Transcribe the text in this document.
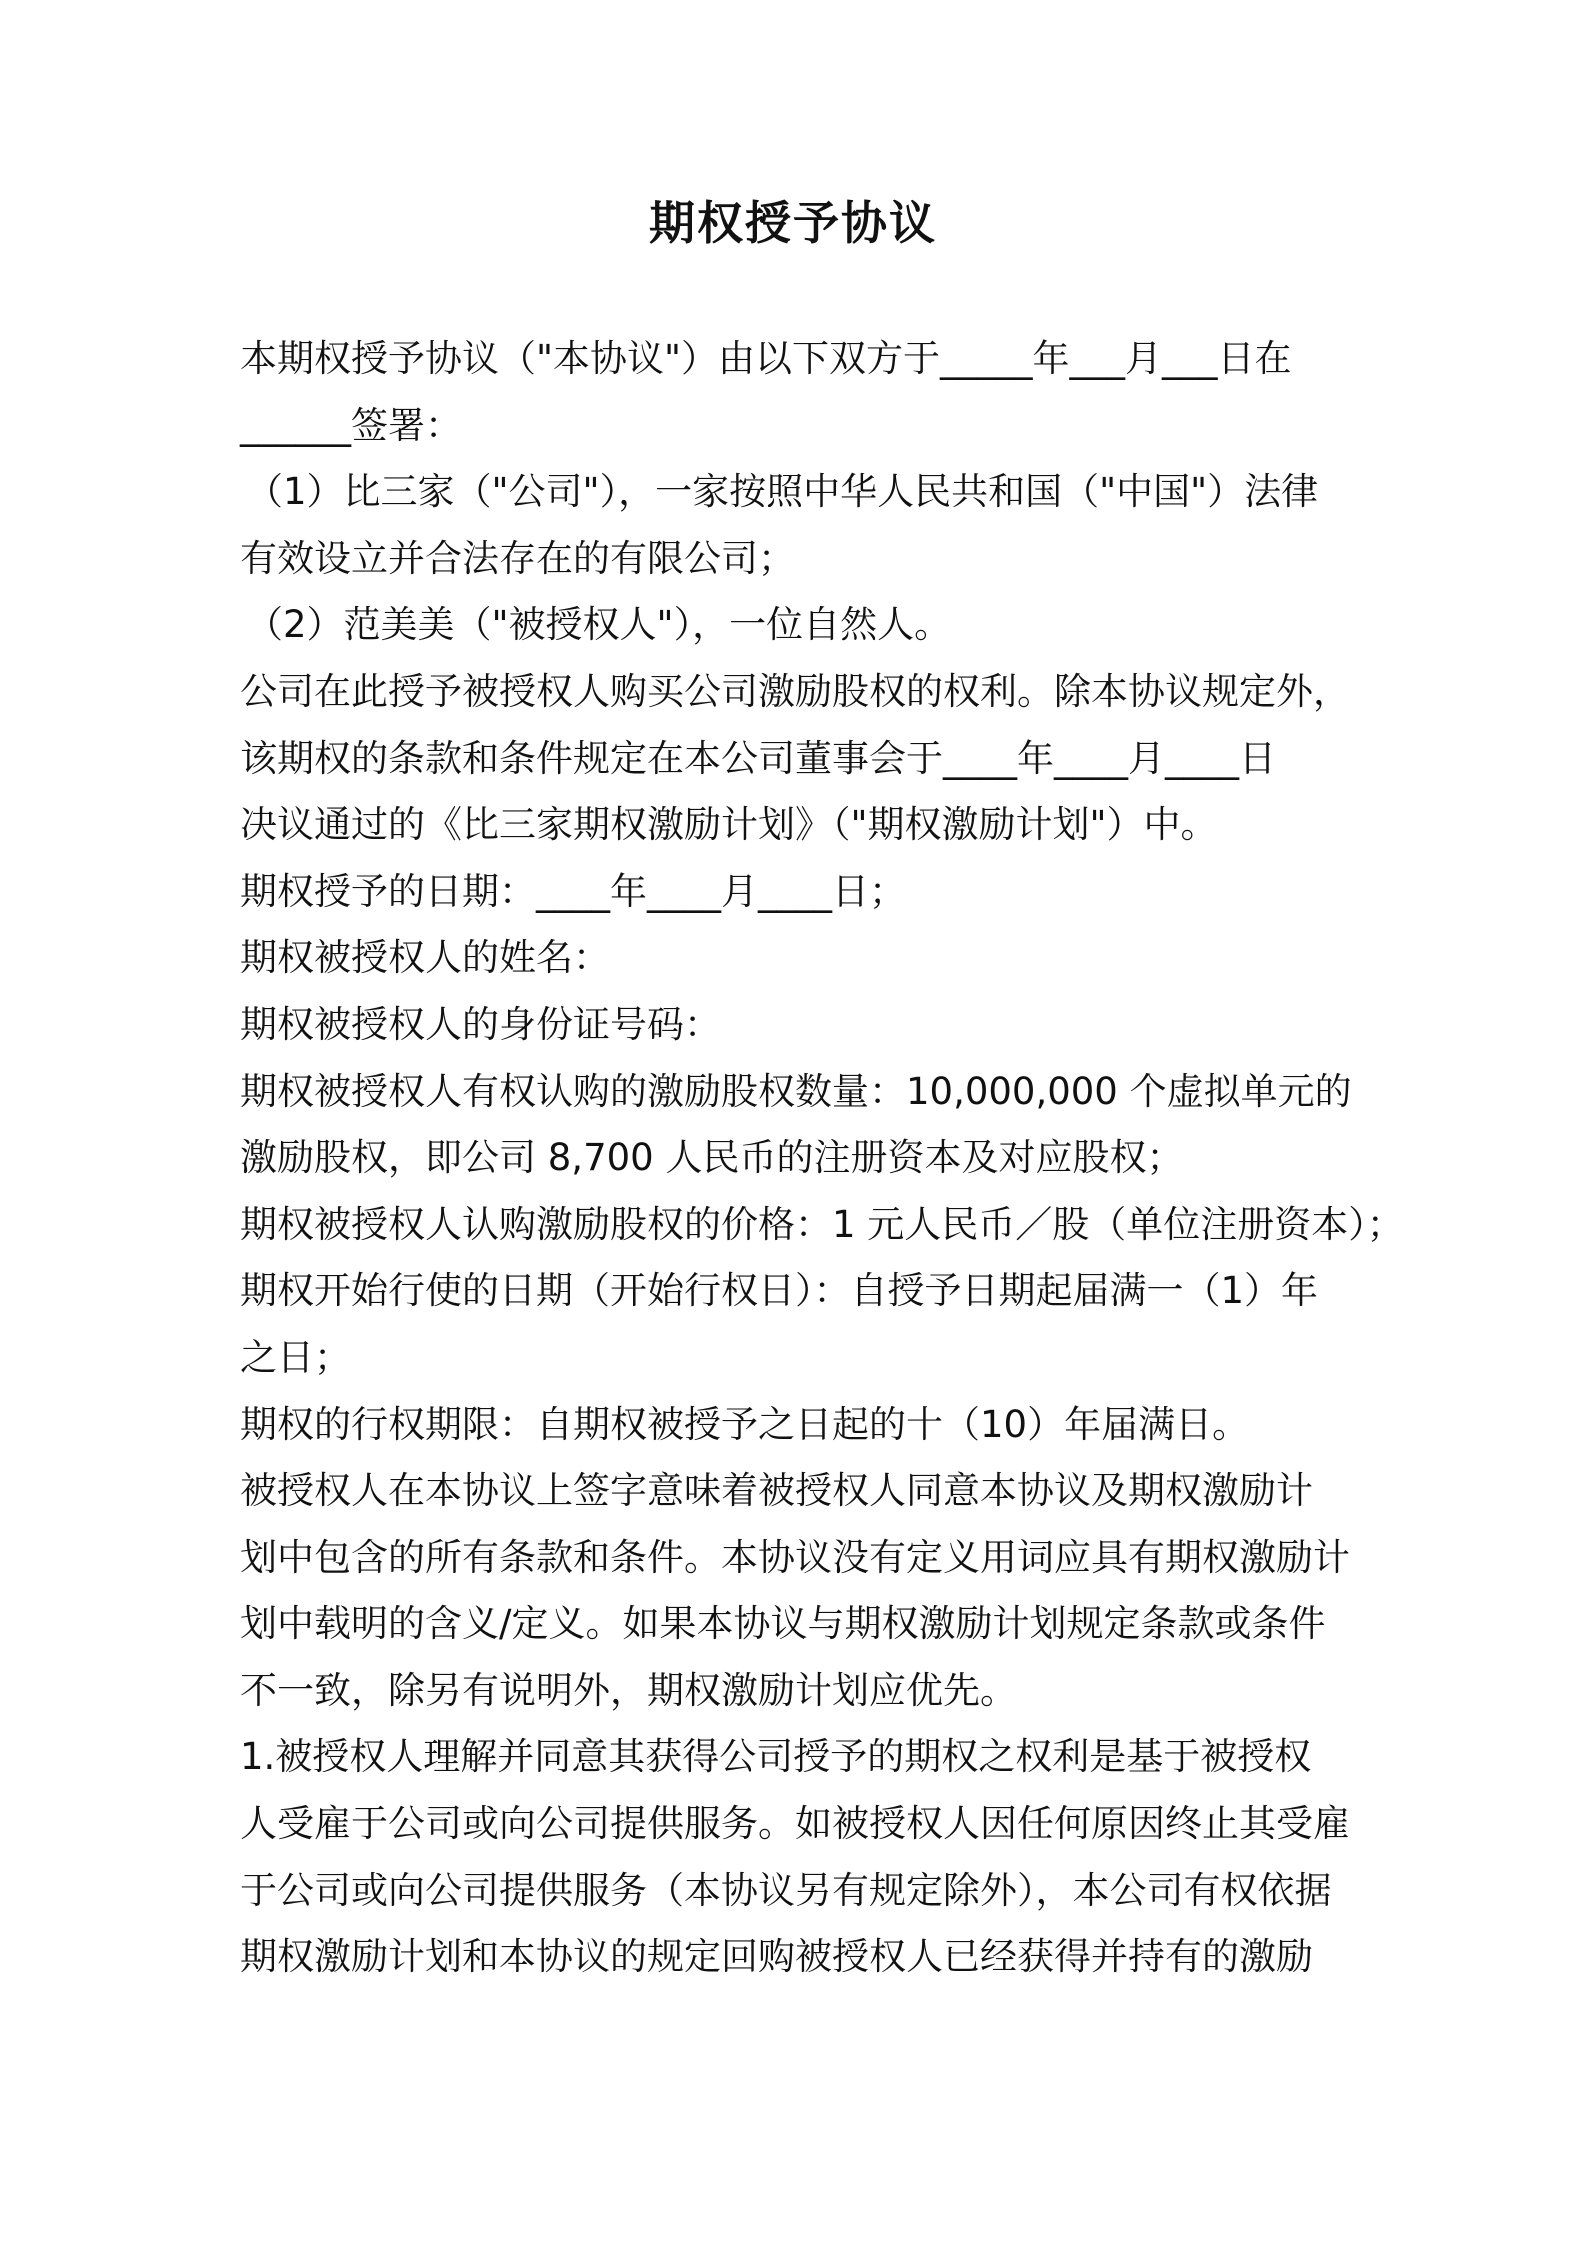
期权授予协议

本期权授予协议（"本协议"）由以下双方于_____年___月___日在

______签署：

（1）比三家（"公司"），一家按照中华人民共和国（"中国"）法律

有效设立并合法存在的有限公司；

（2）范美美（"被授权人"），一位自然人。

公司在此授予被授权人购买公司激励股权的权利。除本协议规定外，

该期权的条款和条件规定在本公司董事会于____年____月____日

决议通过的《比三家期权激励计划》（"期权激励计划"）中。

期权授予的日期：____年____月____日；

期权被授权人的姓名：

期权被授权人的身份证号码：

期权被授权人有权认购的激励股权数量：10,000,000 个虚拟单元的

激励股权，即公司 8,700 人民币的注册资本及对应股权；

期权被授权人认购激励股权的价格：1 元人民币／股（单位注册资本）；

期权开始行使的日期（开始行权日）：自授予日期起届满一（1）年

之日；

期权的行权期限：自期权被授予之日起的十（10）年届满日。

被授权人在本协议上签字意味着被授权人同意本协议及期权激励计

划中包含的所有条款和条件。本协议没有定义用词应具有期权激励计

划中载明的含义/定义。如果本协议与期权激励计划规定条款或条件

不一致，除另有说明外，期权激励计划应优先。

1.被授权人理解并同意其获得公司授予的期权之权利是基于被授权

人受雇于公司或向公司提供服务。如被授权人因任何原因终止其受雇

于公司或向公司提供服务（本协议另有规定除外），本公司有权依据

期权激励计划和本协议的规定回购被授权人已经获得并持有的激励
